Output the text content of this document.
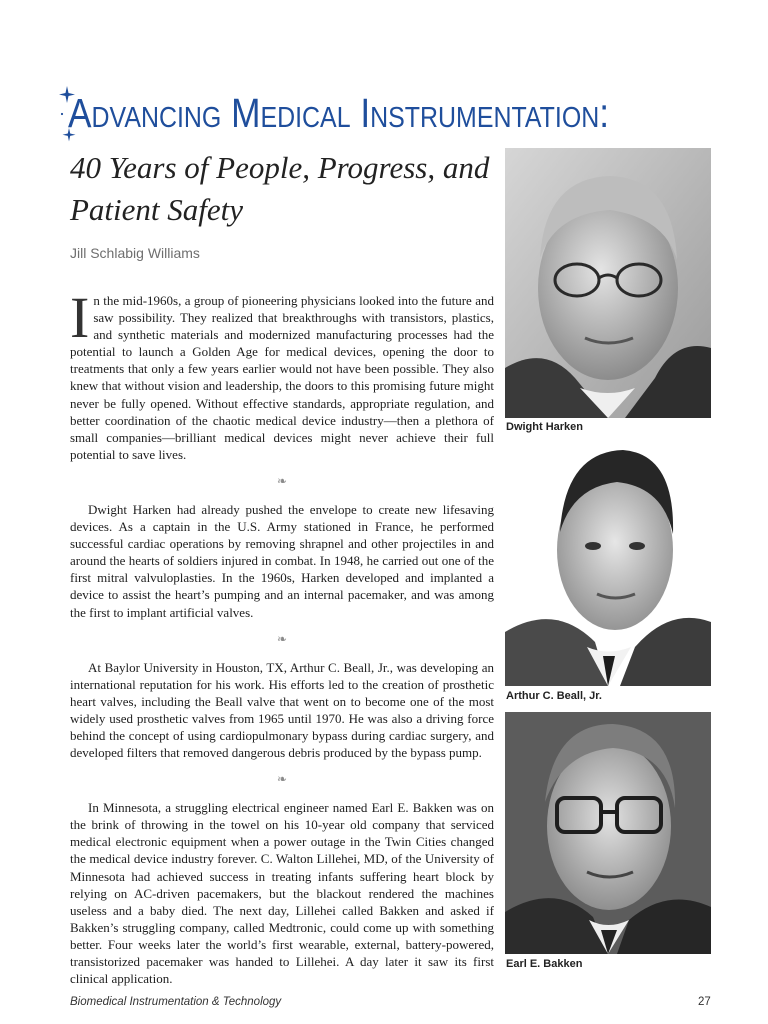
Advancing Medical Instrumentation:
40 Years of People, Progress, and Patient Safety
Jill Schlabig Williams

In the mid-1960s, a group of pioneering physicians looked into the future and saw possibility. They realized that breakthroughs with transistors, plastics, and synthetic materials and modernized manufacturing processes had the potential to launch a Golden Age for medical devices, opening the door to treatments that only a few years earlier would not have been possible. They also knew that without vision and leadership, the doors to this promising future might never be fully opened. Without effective standards, appropriate regulation, and better coordination of the chaotic medical device industry—then a plethora of small companies—brilliant medical devices might never achieve their full potential to save lives.

❧

Dwight Harken had already pushed the envelope to create new lifesaving devices. As a captain in the U.S. Army stationed in France, he performed successful cardiac operations by removing shrapnel and other projectiles in and around the hearts of soldiers injured in combat. In 1948, he carried out one of the first mitral valvuloplasties. In the 1960s, Harken developed and implanted a device to assist the heart’s pumping and an internal pacemaker, and was among the first to implant artificial valves.

❧

At Baylor University in Houston, TX, Arthur C. Beall, Jr., was developing an international reputation for his work. His efforts led to the creation of prosthetic heart valves, including the Beall valve that went on to become one of the most widely used prosthetic valves from 1965 until 1970. He was also a driving force behind the concept of using cardiopulmonary bypass during cardiac surgery, and developed filters that removed dangerous debris produced by the bypass pump.

❧

In Minnesota, a struggling electrical engineer named Earl E. Bakken was on the brink of throwing in the towel on his 10-year old company that serviced medical electronic equipment when a power outage in the Twin Cities changed the medical device industry forever. C. Walton Lillehei, MD, of the University of Minnesota had achieved success in treating infants suffering heart block by relying on AC-driven pacemakers, but the blackout rendered the machines useless and a baby died. The next day, Lillehei called Bakken and asked if Bakken’s struggling company, called Medtronic, could come up with something better. Four weeks later the world’s first wearable, external, battery-powered, transistorized pacemaker was handed to Lillehei. A day later it saw its first clinical application.

Dwight Harken
Arthur C. Beall, Jr.
Earl E. Bakken
Biomedical Instrumentation & Technology	27
